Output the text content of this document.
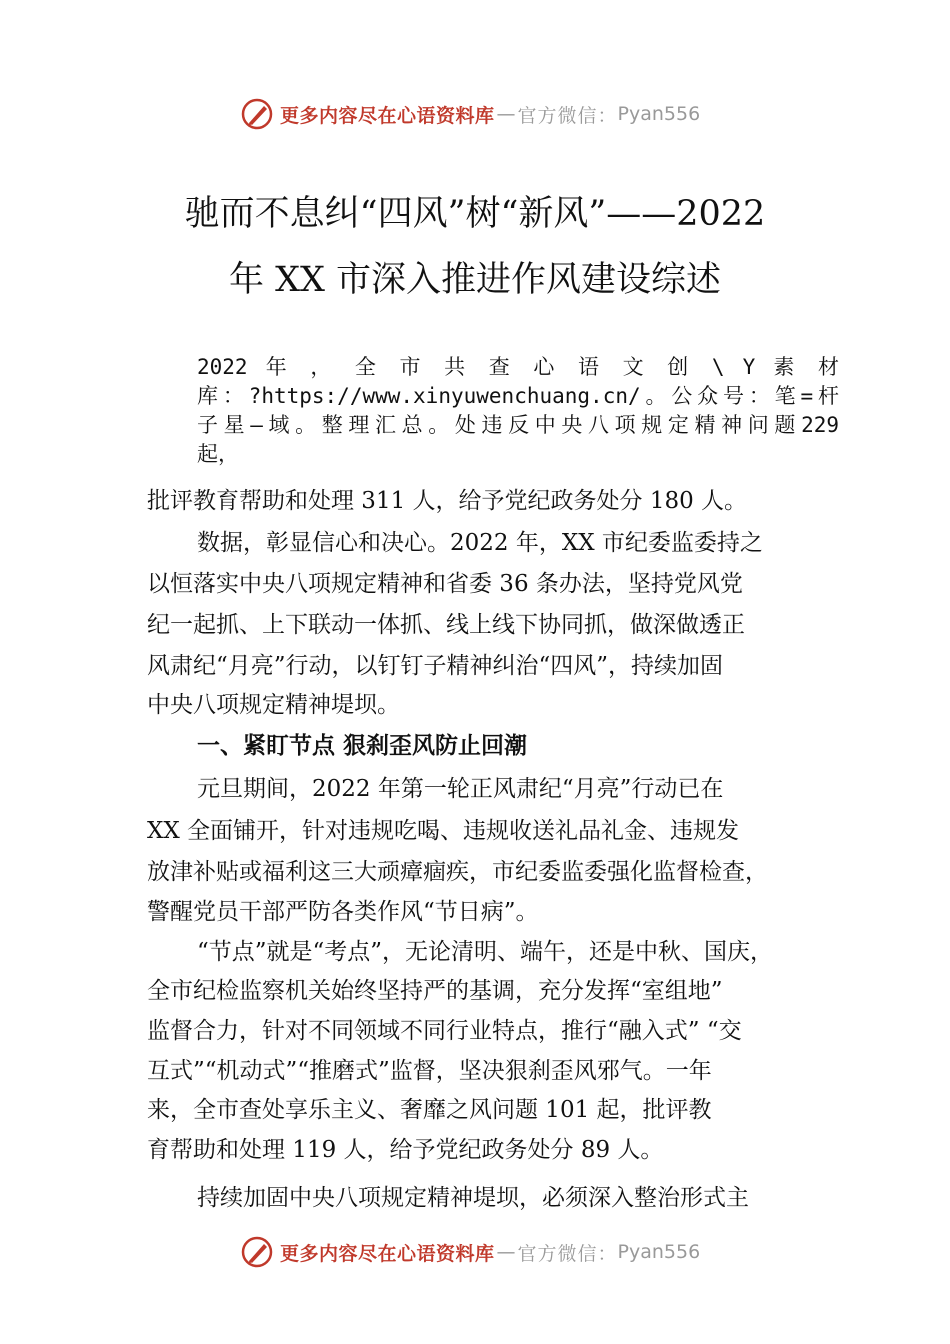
更多内容尽在心语资料库 — 官方微信： Pyan556
驰而不息纠“四风”树“新风”——2022
年 XX 市深入推进作风建设综述
2022 年 ， 全 市 共 查 心 语 文 创 \ Y 素 材
库：?https://www.xinyuwenchuang.cn/。公众号：笔=杆
子星—域。整理汇总。处违反中央八项规定精神问题229
起，
批评教育帮助和处理 311 人，给予党纪政务处分 180 人。
数据，彰显信心和决心。2022 年，XX 市纪委监委持之
以恒落实中央八项规定精神和省委 36 条办法，坚持党风党
纪一起抓、上下联动一体抓、线上线下协同抓，做深做透正
风肃纪“月亮”行动，以钉钉子精神纠治“四风”，持续加固
中央八项规定精神堤坝。
一、紧盯节点 狠刹歪风防止回潮
元旦期间，2022 年第一轮正风肃纪“月亮”行动已在
XX 全面铺开，针对违规吃喝、违规收送礼品礼金、违规发
放津补贴或福利这三大顽瘴痼疾，市纪委监委强化监督检查，
警醒党员干部严防各类作风“节日病”。
“节点”就是“考点”，无论清明、端午，还是中秋、国庆，
全市纪检监察机关始终坚持严的基调，充分发挥“室组地”
监督合力，针对不同领域不同行业特点，推行“融入式” “交
互式”“机动式”“推磨式”监督，坚决狠刹歪风邪气。一年
来，全市查处享乐主义、奢靡之风问题 101 起，批评教
育帮助和处理 119 人，给予党纪政务处分 89 人。
持续加固中央八项规定精神堤坝，必须深入整治形式主
更多内容尽在心语资料库 — 官方微信： Pyan556
